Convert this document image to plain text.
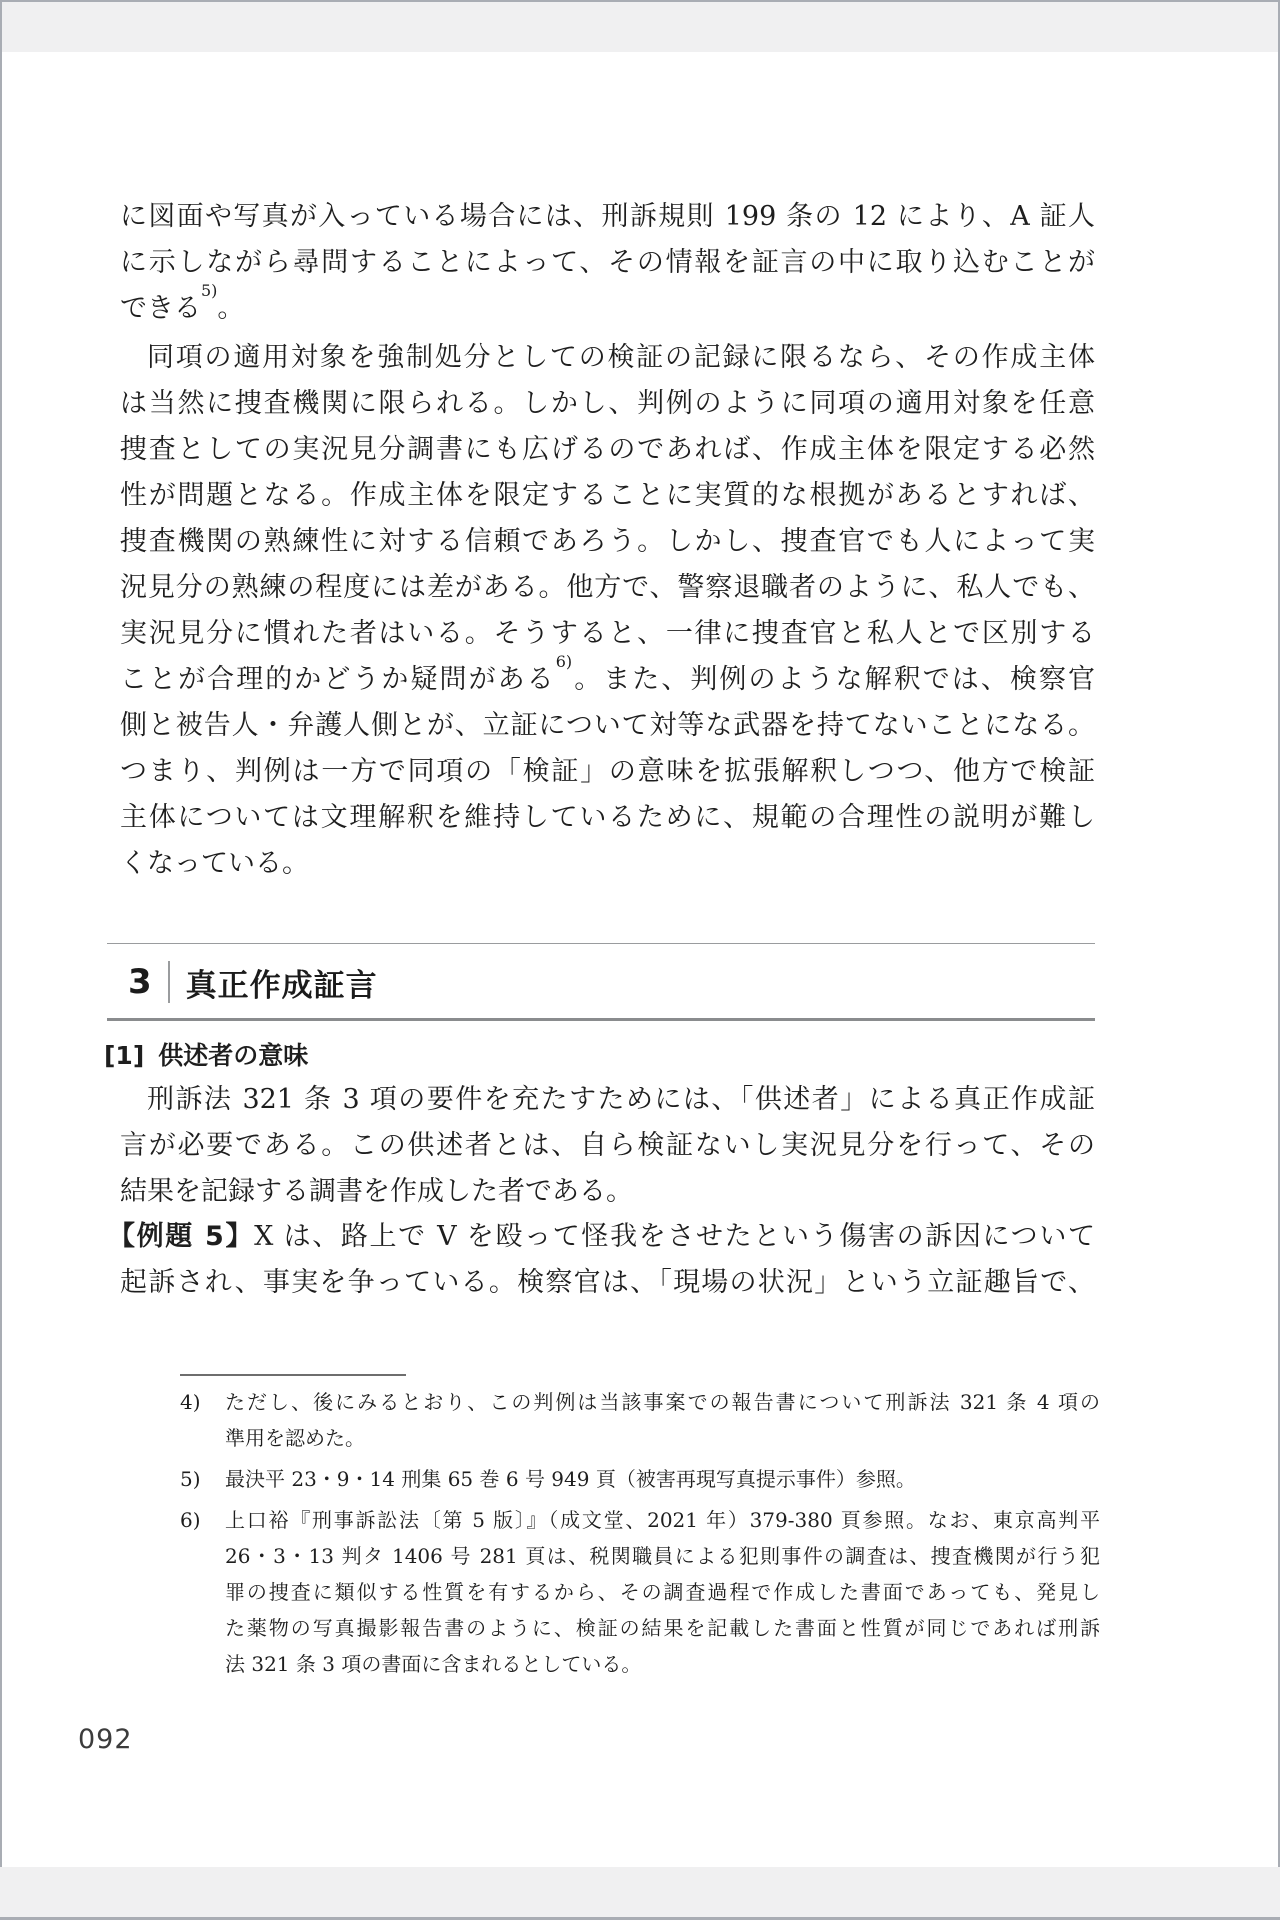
に図面や写真が入っている場合には、刑訴規則 199 条の 12 により、A 証人
に示しながら尋問することによって、その情報を証言の中に取り込むことが
できる$^{5)}$。
同項の適用対象を強制処分としての検証の記録に限るなら、その作成主体
は当然に捜査機関に限られる。しかし、判例のように同項の適用対象を任意
捜査としての実況見分調書にも広げるのであれば、作成主体を限定する必然
性が問題となる。作成主体を限定することに実質的な根拠があるとすれば、
捜査機関の熟練性に対する信頼であろう。しかし、捜査官でも人によって実
況見分の熟練の程度には差がある。他方で、警察退職者のように、私人でも、
実況見分に慣れた者はいる。そうすると、一律に捜査官と私人とで区別する
ことが合理的かどうか疑問がある$^{6)}$。また、判例のような解釈では、検察官
側と被告人・弁護人側とが、立証について対等な武器を持てないことになる。
つまり、判例は一方で同項の「検証」の意味を拡張解釈しつつ、他方で検証
主体については文理解釈を維持しているために、規範の合理性の説明が難し
くなっている。
3 真正作成証言
[1] 供述者の意味
刑訴法 321 条 3 項の要件を充たすためには、「供述者」による真正作成証
言が必要である。この供述者とは、自ら検証ないし実況見分を行って、その
結果を記録する調書を作成した者である。
【例題 5】X は、路上で V を殴って怪我をさせたという傷害の訴因について
起訴され、事実を争っている。検察官は、「現場の状況」という立証趣旨で、
4)	ただし、後にみるとおり、この判例は当該事案での報告書について刑訴法 321 条 4 項の
準用を認めた。
5)	最決平 23・9・14 刑集 65 巻 6 号 949 頁（被害再現写真提示事件）参照。
6)	上口裕『刑事訴訟法〔第 5 版〕』（成文堂、2021 年）379-380 頁参照。なお、東京高判平
26・3・13 判タ 1406 号 281 頁は、税関職員による犯則事件の調査は、捜査機関が行う犯
罪の捜査に類似する性質を有するから、その調査過程で作成した書面であっても、発見し
た薬物の写真撮影報告書のように、検証の結果を記載した書面と性質が同じであれば刑訴
法 321 条 3 項の書面に含まれるとしている。
092
